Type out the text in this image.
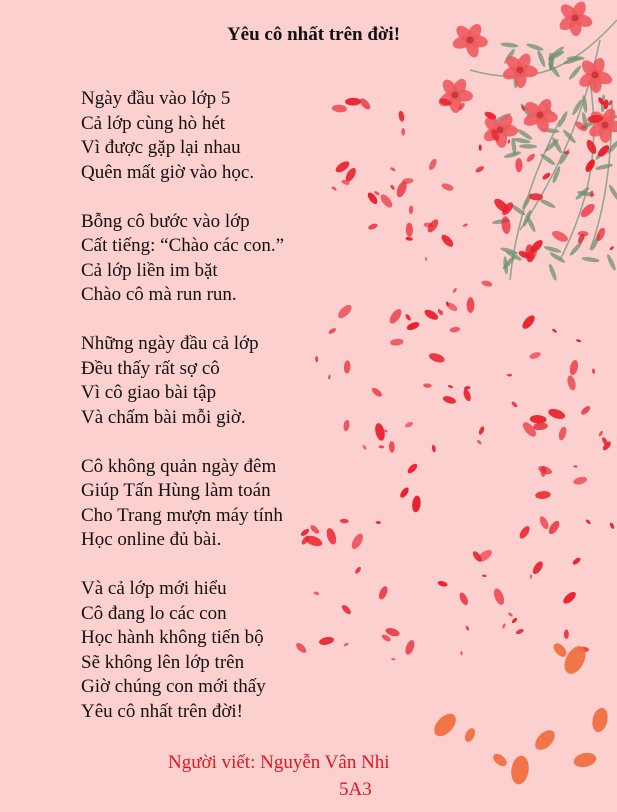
Yêu cô nhất trên đời!
Ngày đầu vào lớp 5
Cả lớp cùng hò hét
Vì được gặp lại nhau
Quên mất giờ vào học.
Bỗng cô bước vào lớp
Cất tiếng: “Chào các con.”
Cả lớp liền im bặt
Chào cô mà run run.
Những ngày đầu cả lớp
Đều thấy rất sợ cô
Vì cô giao bài tập
Và chấm bài mỗi giờ.
Cô không quản ngày đêm
Giúp Tấn Hùng làm toán
Cho Trang mượn máy tính
Học online đủ bài.
Và cả lớp mới hiểu
Cô đang lo các con
Học hành không tiến bộ
Sẽ không lên lớp trên
Giờ chúng con mới thấy
Yêu cô nhất trên đời!
Người viết: Nguyễn Vân Nhi
5A3
